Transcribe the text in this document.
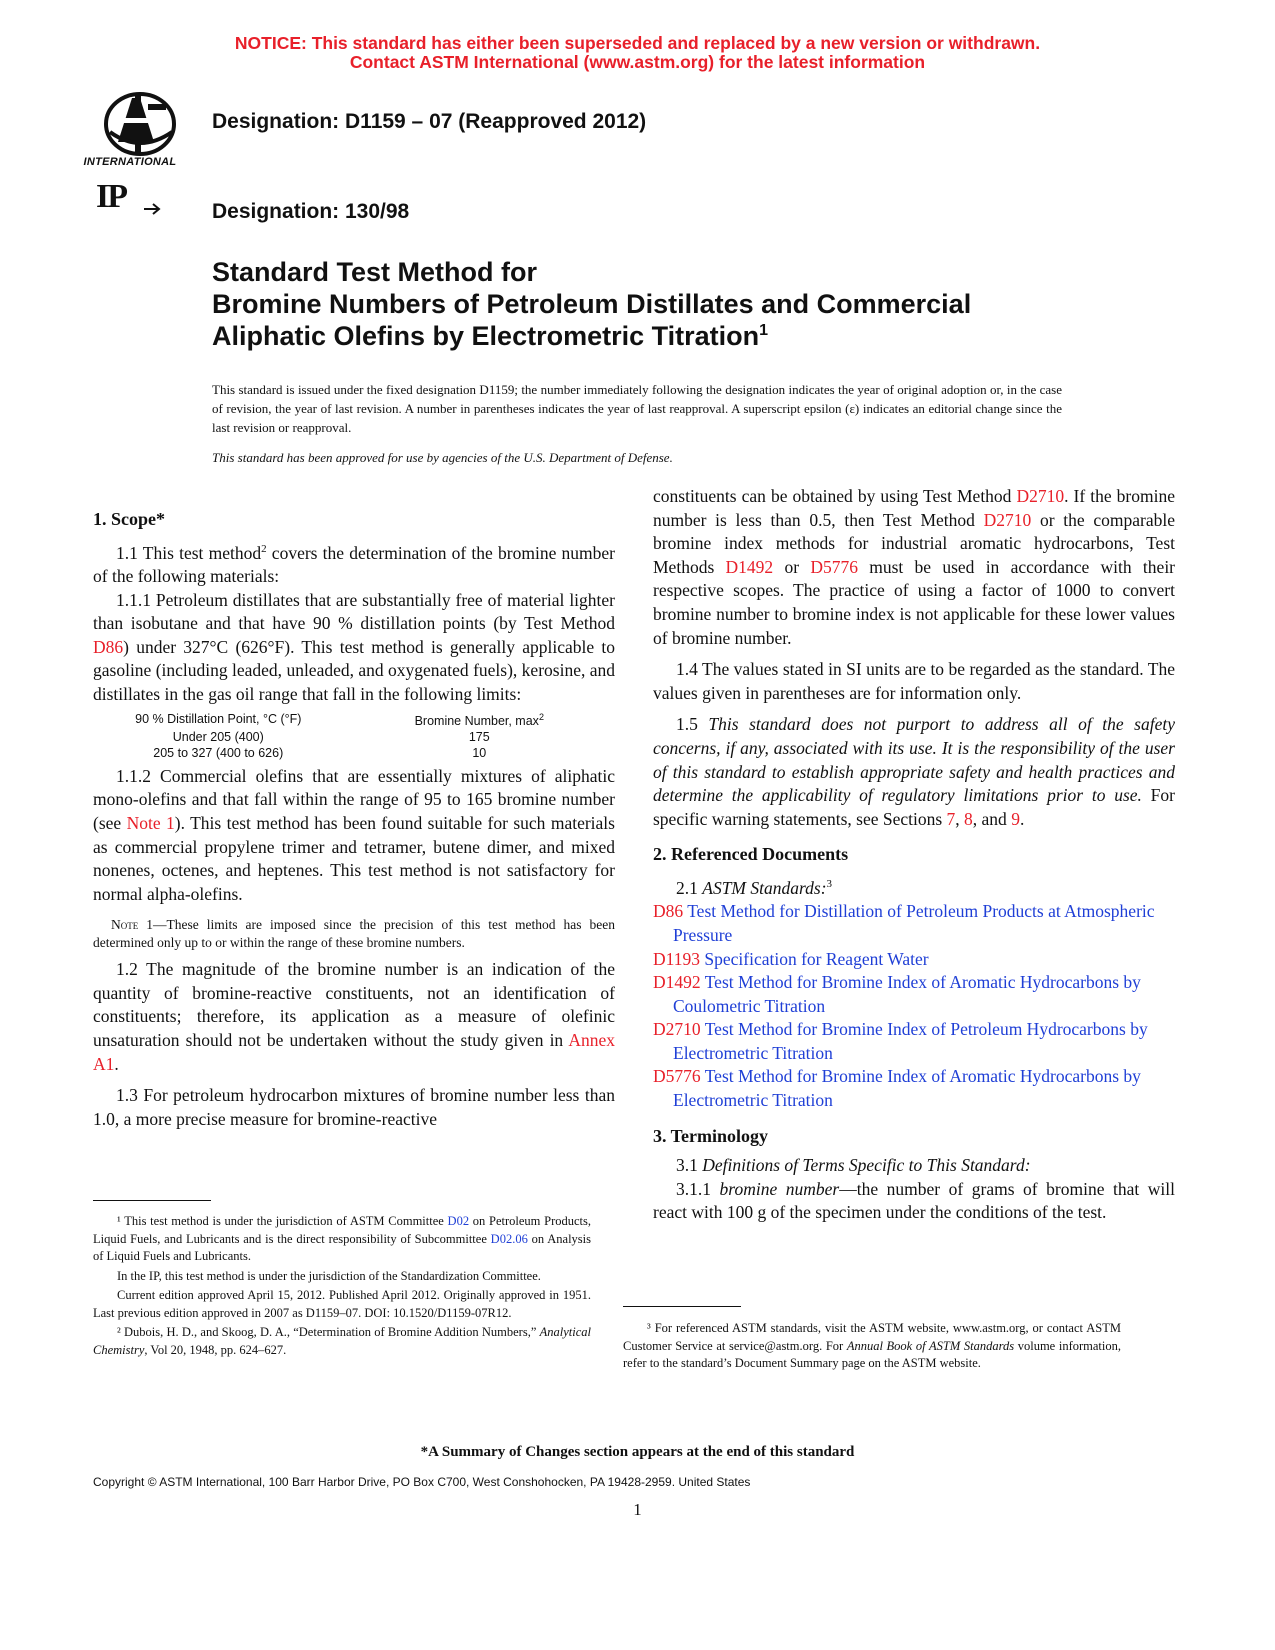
NOTICE: This standard has either been superseded and replaced by a new version or withdrawn.
Contact ASTM International (www.astm.org) for the latest information
INTERNATIONAL
IP
Designation: D1159 – 07 (Reapproved 2012)
Designation: 130/98
Standard Test Method for
Bromine Numbers of Petroleum Distillates and Commercial
Aliphatic Olefins by Electrometric Titration$^1$
This standard is issued under the fixed designation D1159; the number immediately following the designation indicates the year of original adoption or, in the case of revision, the year of last revision. A number in parentheses indicates the year of last reapproval. A superscript epsilon (ε) indicates an editorial change since the last revision or reapproval.
This standard has been approved for use by agencies of the U.S. Department of Defense.
1. Scope*

1.1 This test method$^2$ covers the determination of the bromine number of the following materials:

1.1.1 Petroleum distillates that are substantially free of material lighter than isobutane and that have 90 % distillation points (by Test Method D86) under 327°C (626°F). This test method is generally applicable to gasoline (including leaded, unleaded, and oxygenated fuels), kerosine, and distillates in the gas oil range that fall in the following limits:

90 % Distillation Point, °C (°F)	Bromine Number, $\max^2$
Under 205 (400)	175
205 to 327 (400 to 626)	10

1.1.2 Commercial olefins that are essentially mixtures of aliphatic mono-olefins and that fall within the range of 95 to 165 bromine number (see Note 1). This test method has been found suitable for such materials as commercial propylene trimer and tetramer, butene dimer, and mixed nonenes, octenes, and heptenes. This test method is not satisfactory for normal alpha-olefins.

Note 1—These limits are imposed since the precision of this test method has been determined only up to or within the range of these bromine numbers.

1.2 The magnitude of the bromine number is an indication of the quantity of bromine-reactive constituents, not an identification of constituents; therefore, its application as a measure of olefinic unsaturation should not be undertaken without the study given in Annex A1.

1.3 For petroleum hydrocarbon mixtures of bromine number less than 1.0, a more precise measure for bromine-reactive

¹ This test method is under the jurisdiction of ASTM Committee D02 on Petroleum Products, Liquid Fuels, and Lubricants and is the direct responsibility of Subcommittee D02.06 on Analysis of Liquid Fuels and Lubricants.

In the IP, this test method is under the jurisdiction of the Standardization Committee.

Current edition approved April 15, 2012. Published April 2012. Originally approved in 1951. Last previous edition approved in 2007 as D1159–07. DOI: 10.1520/D1159-07R12.

² Dubois, H. D., and Skoog, D. A., “Determination of Bromine Addition Numbers,” Analytical Chemistry, Vol 20, 1948, pp. 624–627.

constituents can be obtained by using Test Method D2710. If the bromine number is less than 0.5, then Test Method D2710 or the comparable bromine index methods for industrial aromatic hydrocarbons, Test Methods D1492 or D5776 must be used in accordance with their respective scopes. The practice of using a factor of 1000 to convert bromine number to bromine index is not applicable for these lower values of bromine number.

1.4 The values stated in SI units are to be regarded as the standard. The values given in parentheses are for information only.

1.5 This standard does not purport to address all of the safety concerns, if any, associated with its use. It is the responsibility of the user of this standard to establish appropriate safety and health practices and determine the applicability of regulatory limitations prior to use. For specific warning statements, see Sections 7, 8, and 9.

2. Referenced Documents

2.1 ASTM Standards:$^3$

D86 Test Method for Distillation of Petroleum Products at Atmospheric Pressure

D1193 Specification for Reagent Water

D1492 Test Method for Bromine Index of Aromatic Hydrocarbons by Coulometric Titration

D2710 Test Method for Bromine Index of Petroleum Hydrocarbons by Electrometric Titration

D5776 Test Method for Bromine Index of Aromatic Hydrocarbons by Electrometric Titration

3. Terminology

3.1 Definitions of Terms Specific to This Standard:

3.1.1 bromine number—the number of grams of bromine that will react with 100 g of the specimen under the conditions of the test.

³ For referenced ASTM standards, visit the ASTM website, www.astm.org, or contact ASTM Customer Service at service@astm.org. For Annual Book of ASTM Standards volume information, refer to the standard’s Document Summary page on the ASTM website.

*A Summary of Changes section appears at the end of this standard
Copyright © ASTM International, 100 Barr Harbor Drive, PO Box C700, West Conshohocken, PA 19428-2959. United States
1
